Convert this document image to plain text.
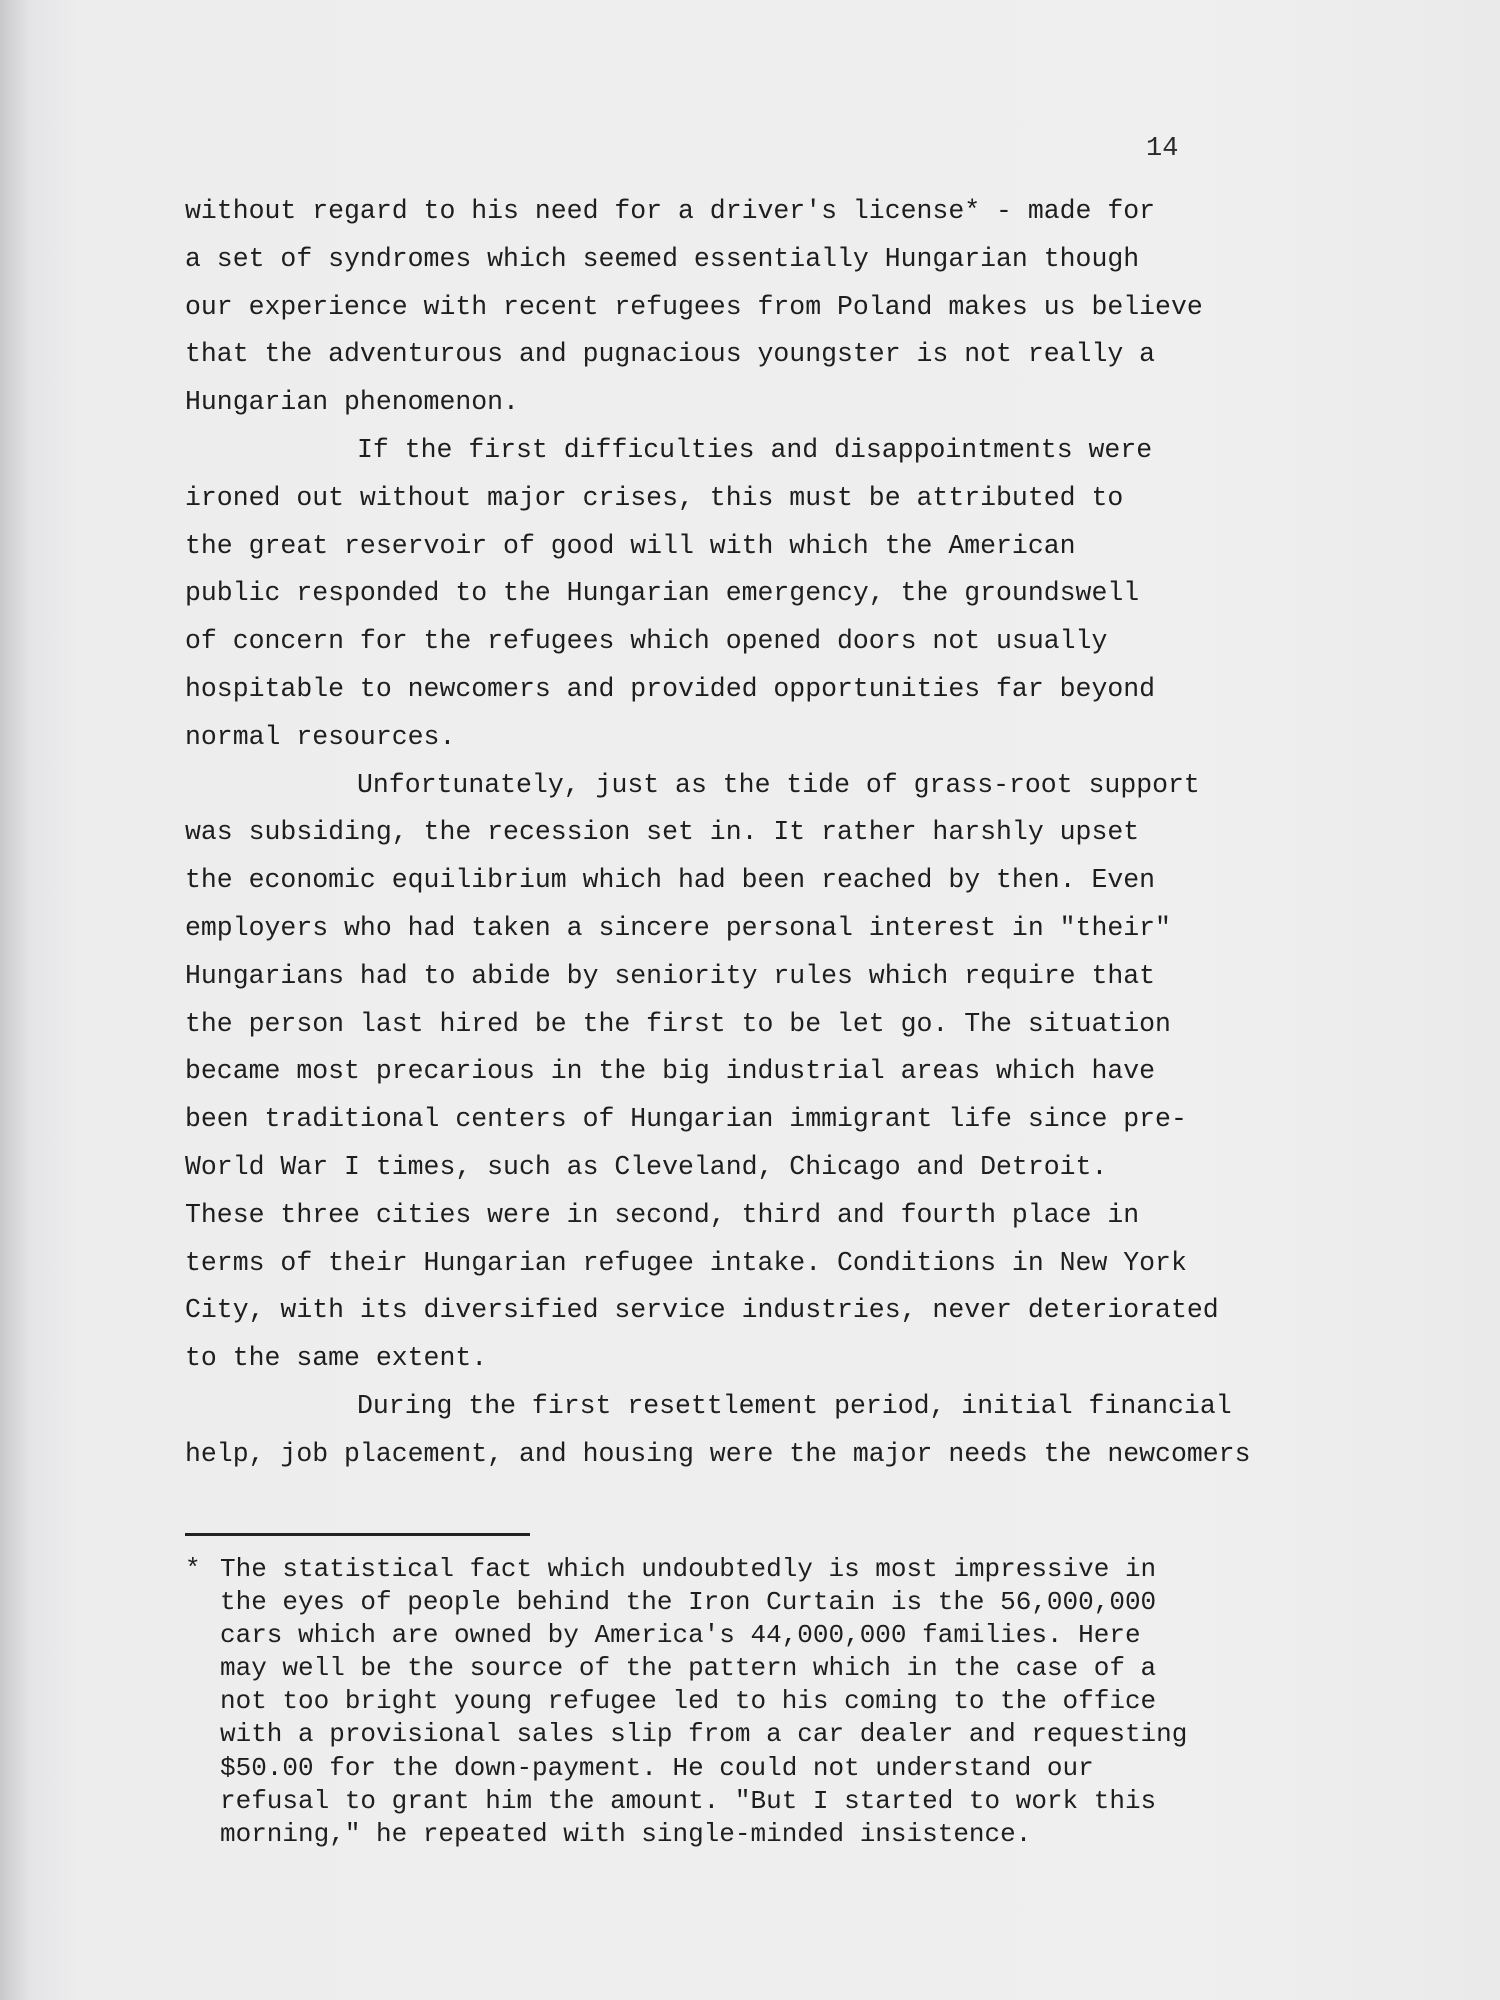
14

without regard to his need for a driver's license* - made for
a set of syndromes which seemed essentially Hungarian though
our experience with recent refugees from Poland makes us believe
that the adventurous and pugnacious youngster is not really a
Hungarian phenomenon.

If the first difficulties and disappointments were
ironed out without major crises, this must be attributed to
the great reservoir of good will with which the American
public responded to the Hungarian emergency, the groundswell
of concern for the refugees which opened doors not usually
hospitable to newcomers and provided opportunities far beyond
normal resources.

Unfortunately, just as the tide of grass-root support
was subsiding, the recession set in. It rather harshly upset
the economic equilibrium which had been reached by then. Even
employers who had taken a sincere personal interest in "their"
Hungarians had to abide by seniority rules which require that
the person last hired be the first to be let go. The situation
became most precarious in the big industrial areas which have
been traditional centers of Hungarian immigrant life since pre-
World War I times, such as Cleveland, Chicago and Detroit.
These three cities were in second, third and fourth place in
terms of their Hungarian refugee intake. Conditions in New York
City, with its diversified service industries, never deteriorated
to the same extent.

During the first resettlement period, initial financial
help, job placement, and housing were the major needs the newcomers

* The statistical fact which undoubtedly is most impressive in
the eyes of people behind the Iron Curtain is the 56,000,000
cars which are owned by America's 44,000,000 families. Here
may well be the source of the pattern which in the case of a
not too bright young refugee led to his coming to the office
with a provisional sales slip from a car dealer and requesting
$50.00 for the down-payment. He could not understand our
refusal to grant him the amount. "But I started to work this
morning," he repeated with single-minded insistence.
